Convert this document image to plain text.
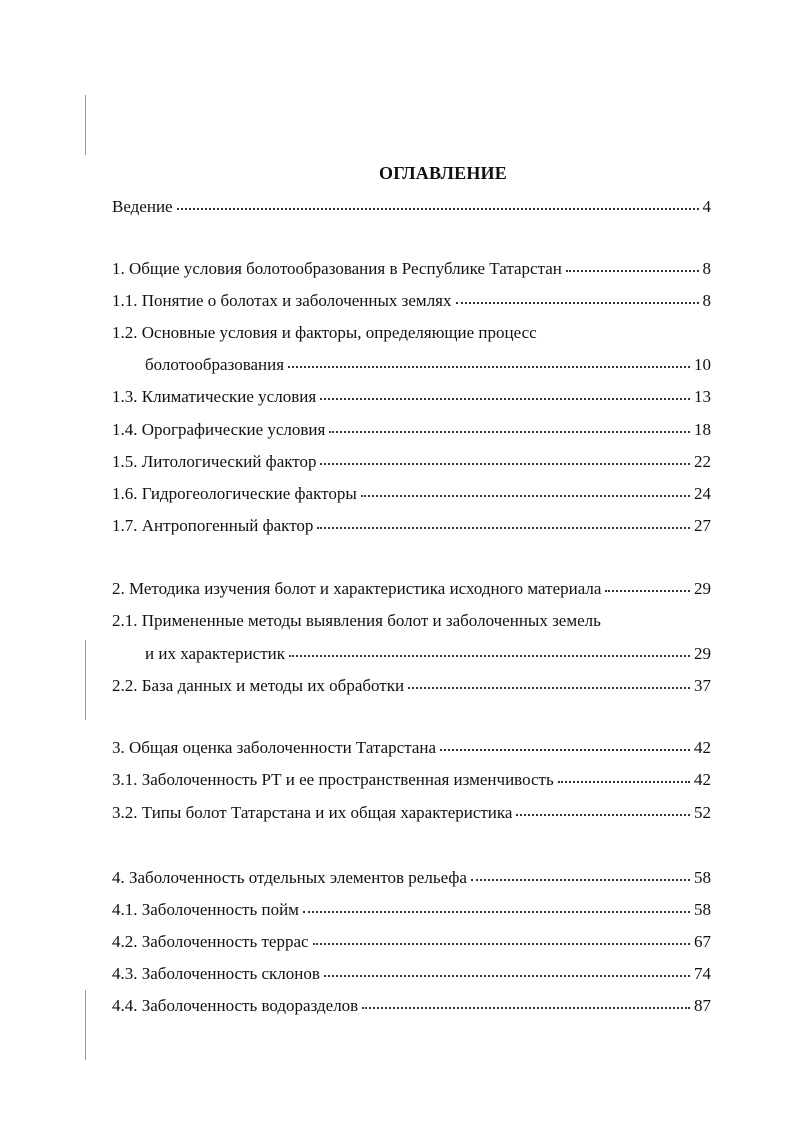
ОГЛАВЛЕНИЕ
Ведение	4
1. Общие условия болотообразования в Республике Татарстан	8
1.1. Понятие о болотах и заболоченных землях	8
1.2. Основные условия и факторы, определяющие процесс
болотообразования	10
1.3. Климатические условия	13
1.4. Орографические условия	18
1.5. Литологический фактор	22
1.6. Гидрогеологические факторы	24
1.7. Антропогенный фактор	27
2. Методика изучения болот и характеристика исходного материала	29
2.1. Примененные методы выявления болот и заболоченных земель
и их характеристик	29
2.2. База данных и методы их обработки	37
3. Общая оценка заболоченности Татарстана	42
3.1. Заболоченность РТ и ее пространственная изменчивость	42
3.2. Типы болот Татарстана и их общая характеристика	52
4. Заболоченность отдельных элементов рельефа	58
4.1. Заболоченность пойм	58
4.2. Заболоченность террас	67
4.3. Заболоченность склонов	74
4.4. Заболоченность водоразделов	87
